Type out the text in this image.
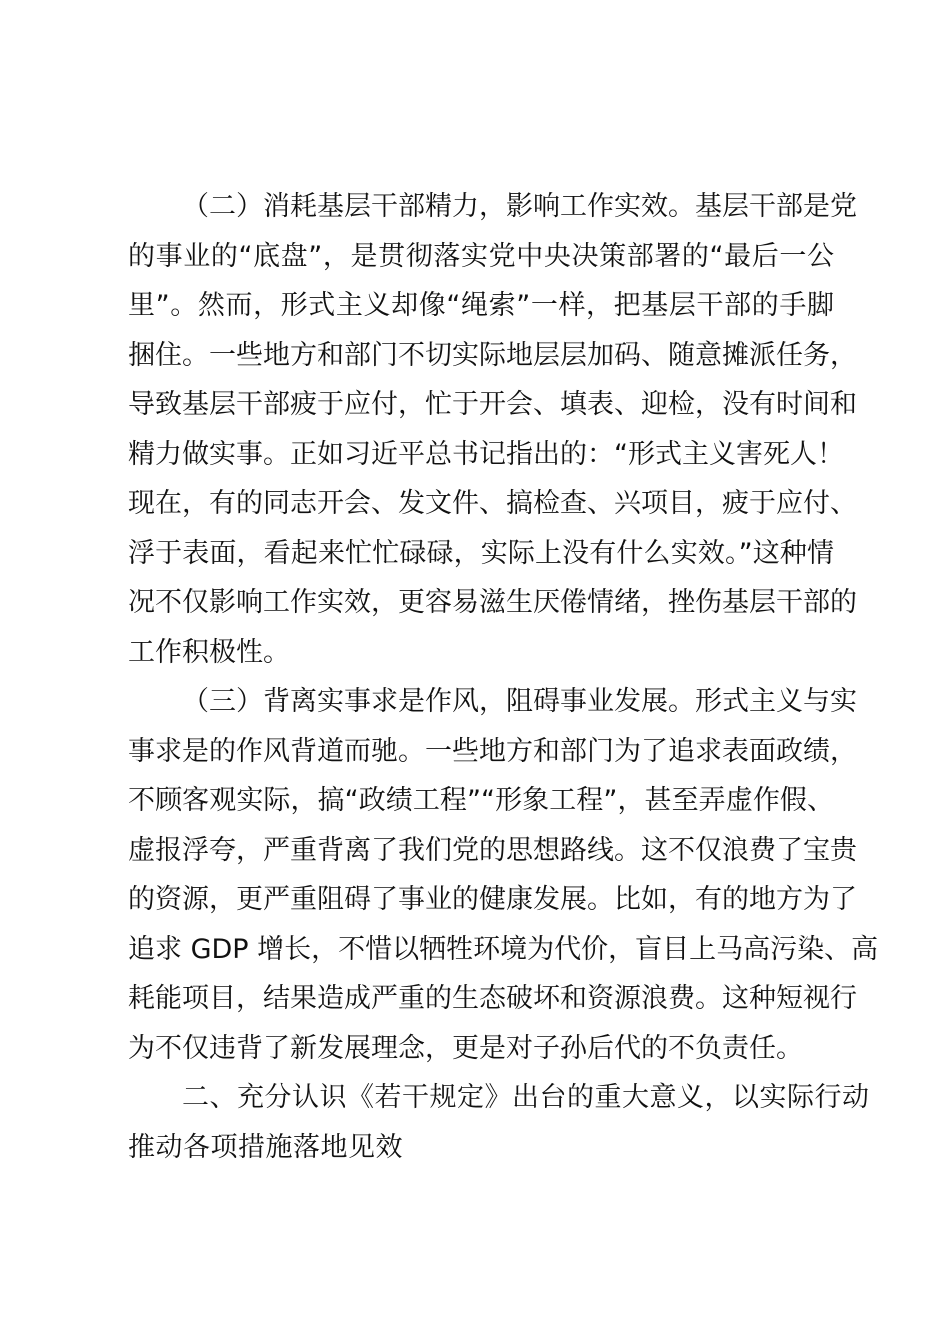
（二）消耗基层干部精力，影响工作实效。基层干部是党
的事业的“底盘”，是贯彻落实党中央决策部署的“最后一公
里”。然而，形式主义却像“绳索”一样，把基层干部的手脚
捆住。一些地方和部门不切实际地层层加码、随意摊派任务，
导致基层干部疲于应付，忙于开会、填表、迎检，没有时间和
精力做实事。正如习近平总书记指出的：“形式主义害死人！
现在，有的同志开会、发文件、搞检查、兴项目，疲于应付、
浮于表面，看起来忙忙碌碌，实际上没有什么实效。”这种情
况不仅影响工作实效，更容易滋生厌倦情绪，挫伤基层干部的
工作积极性。
（三）背离实事求是作风，阻碍事业发展。形式主义与实
事求是的作风背道而驰。一些地方和部门为了追求表面政绩，
不顾客观实际，搞“政绩工程”“形象工程”，甚至弄虚作假、
虚报浮夸，严重背离了我们党的思想路线。这不仅浪费了宝贵
的资源，更严重阻碍了事业的健康发展。比如，有的地方为了
追求 GDP 增长，不惜以牺牲环境为代价，盲目上马高污染、高
耗能项目，结果造成严重的生态破坏和资源浪费。这种短视行
为不仅违背了新发展理念，更是对子孙后代的不负责任。
二、充分认识《若干规定》出台的重大意义，以实际行动
推动各项措施落地见效
